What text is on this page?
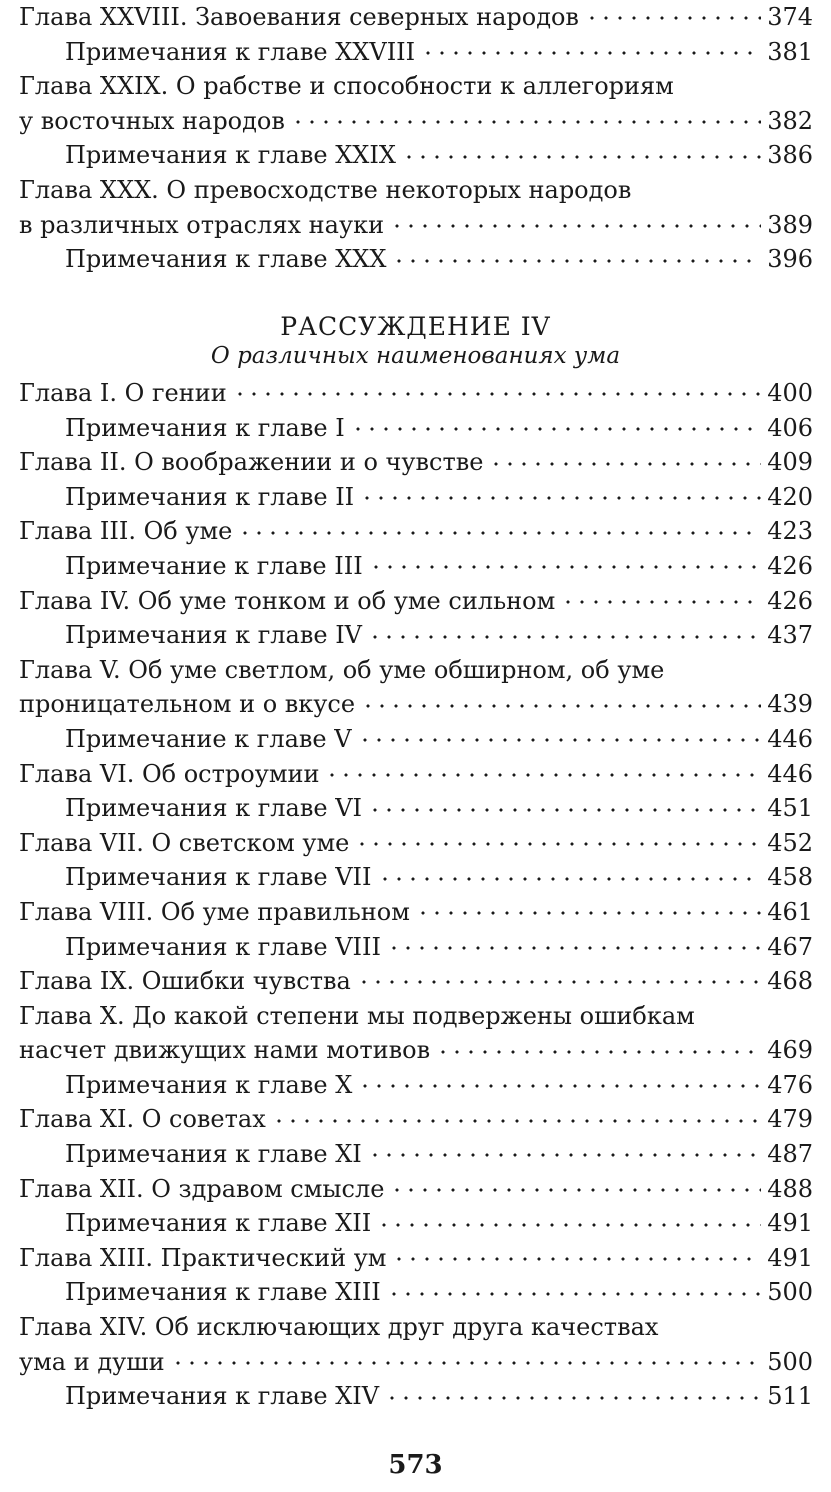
Глава XXVIII. Завоевания северных народов	374
Примечания к главе XXVIII	381
Глава XXIX. О рабстве и способности к аллегориям
у восточных народов	382
Примечания к главе XXIX	386
Глава XXX. О превосходстве некоторых народов
в различных отраслях науки	389
Примечания к главе XXX	396
РАССУЖДЕНИЕ IV
О различных наименованиях ума
Глава I. О гении	400
Примечания к главе I	406
Глава II. О воображении и о чувстве	409
Примечания к главе II	420
Глава III. Об уме	423
Примечание к главе III	426
Глава IV. Об уме тонком и об уме сильном	426
Примечания к главе IV	437
Глава V. Об уме светлом, об уме обширном, об уме
проницательном и о вкусе	439
Примечание к главе V	446
Глава VI. Об остроумии	446
Примечания к главе VI	451
Глава VII. О светском уме	452
Примечания к главе VII	458
Глава VIII. Об уме правильном	461
Примечания к главе VIII	467
Глава IX. Ошибки чувства	468
Глава X. До какой степени мы подвержены ошибкам
насчет движущих нами мотивов	469
Примечания к главе X	476
Глава XI. О советах	479
Примечания к главе XI	487
Глава XII. О здравом смысле	488
Примечания к главе XII	491
Глава XIII. Практический ум	491
Примечания к главе XIII	500
Глава XIV. Об исключающих друг друга качествах
ума и души	500
Примечания к главе XIV	511
573
